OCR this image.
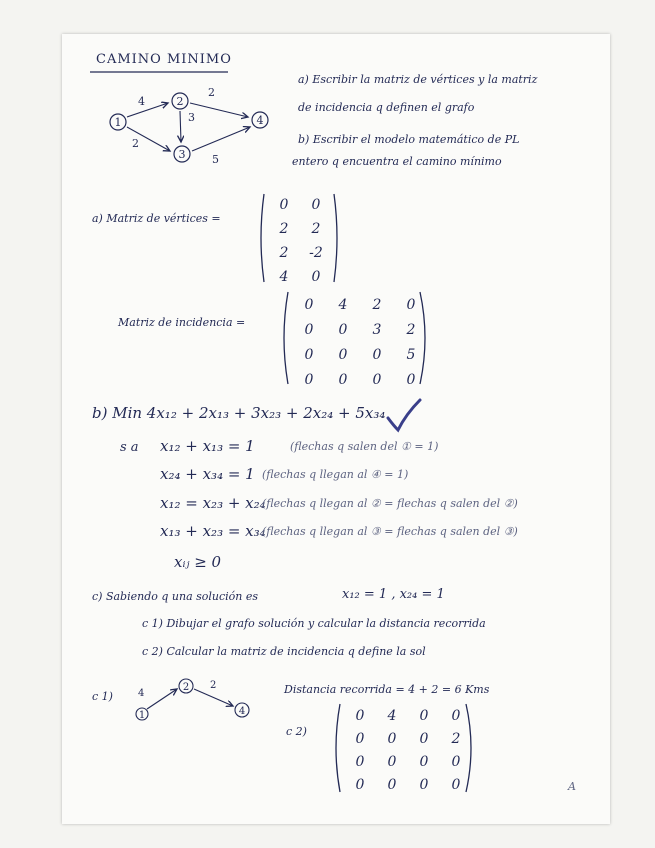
CAMINO MINIMO
a) Escribir la matriz de vértices y la matriz
de incidencia q definen el grafo
b) Escribir el modelo matemático de PL
entero q encuentra el camino mínimo
1
2
3
4
4
2
3
2
5
a) Matriz de vértices =
0	0
2	2
2	-2
4	0
Matriz de incidencia =
0	4	2	0
0	0	3	2
0	0	0	5
0	0	0	0
b) Min 4x₁₂ + 2x₁₃ + 3x₂₃ + 2x₂₄ + 5x₃₄
s a x₁₂ + x₁₃ = 1	(flechas q salen del ① = 1)
x₂₄ + x₃₄ = 1 (flechas q llegan al ④ = 1)
x₁₂ = x₂₃ + x₂₄
(flechas q llegan al ② = flechas q salen del ②)
x₁₃ + x₂₃ = x₃₄
(flechas q llegan al ③ = flechas q salen del ③)
xᵢⱼ ≥ 0
c) Sabiendo q una solución es	x₁₂ = 1 , x₂₄ = 1
c 1) Dibujar el grafo solución y calcular la distancia recorrida
c 2) Calcular la matriz de incidencia q define la sol
c 1)
1
2
4
4
2	Distancia recorrida = 4 + 2 = 6 Kms
c 2)
0	4	0	0
0	0	0	2
0	0	0	0
0	0	0	0	A
